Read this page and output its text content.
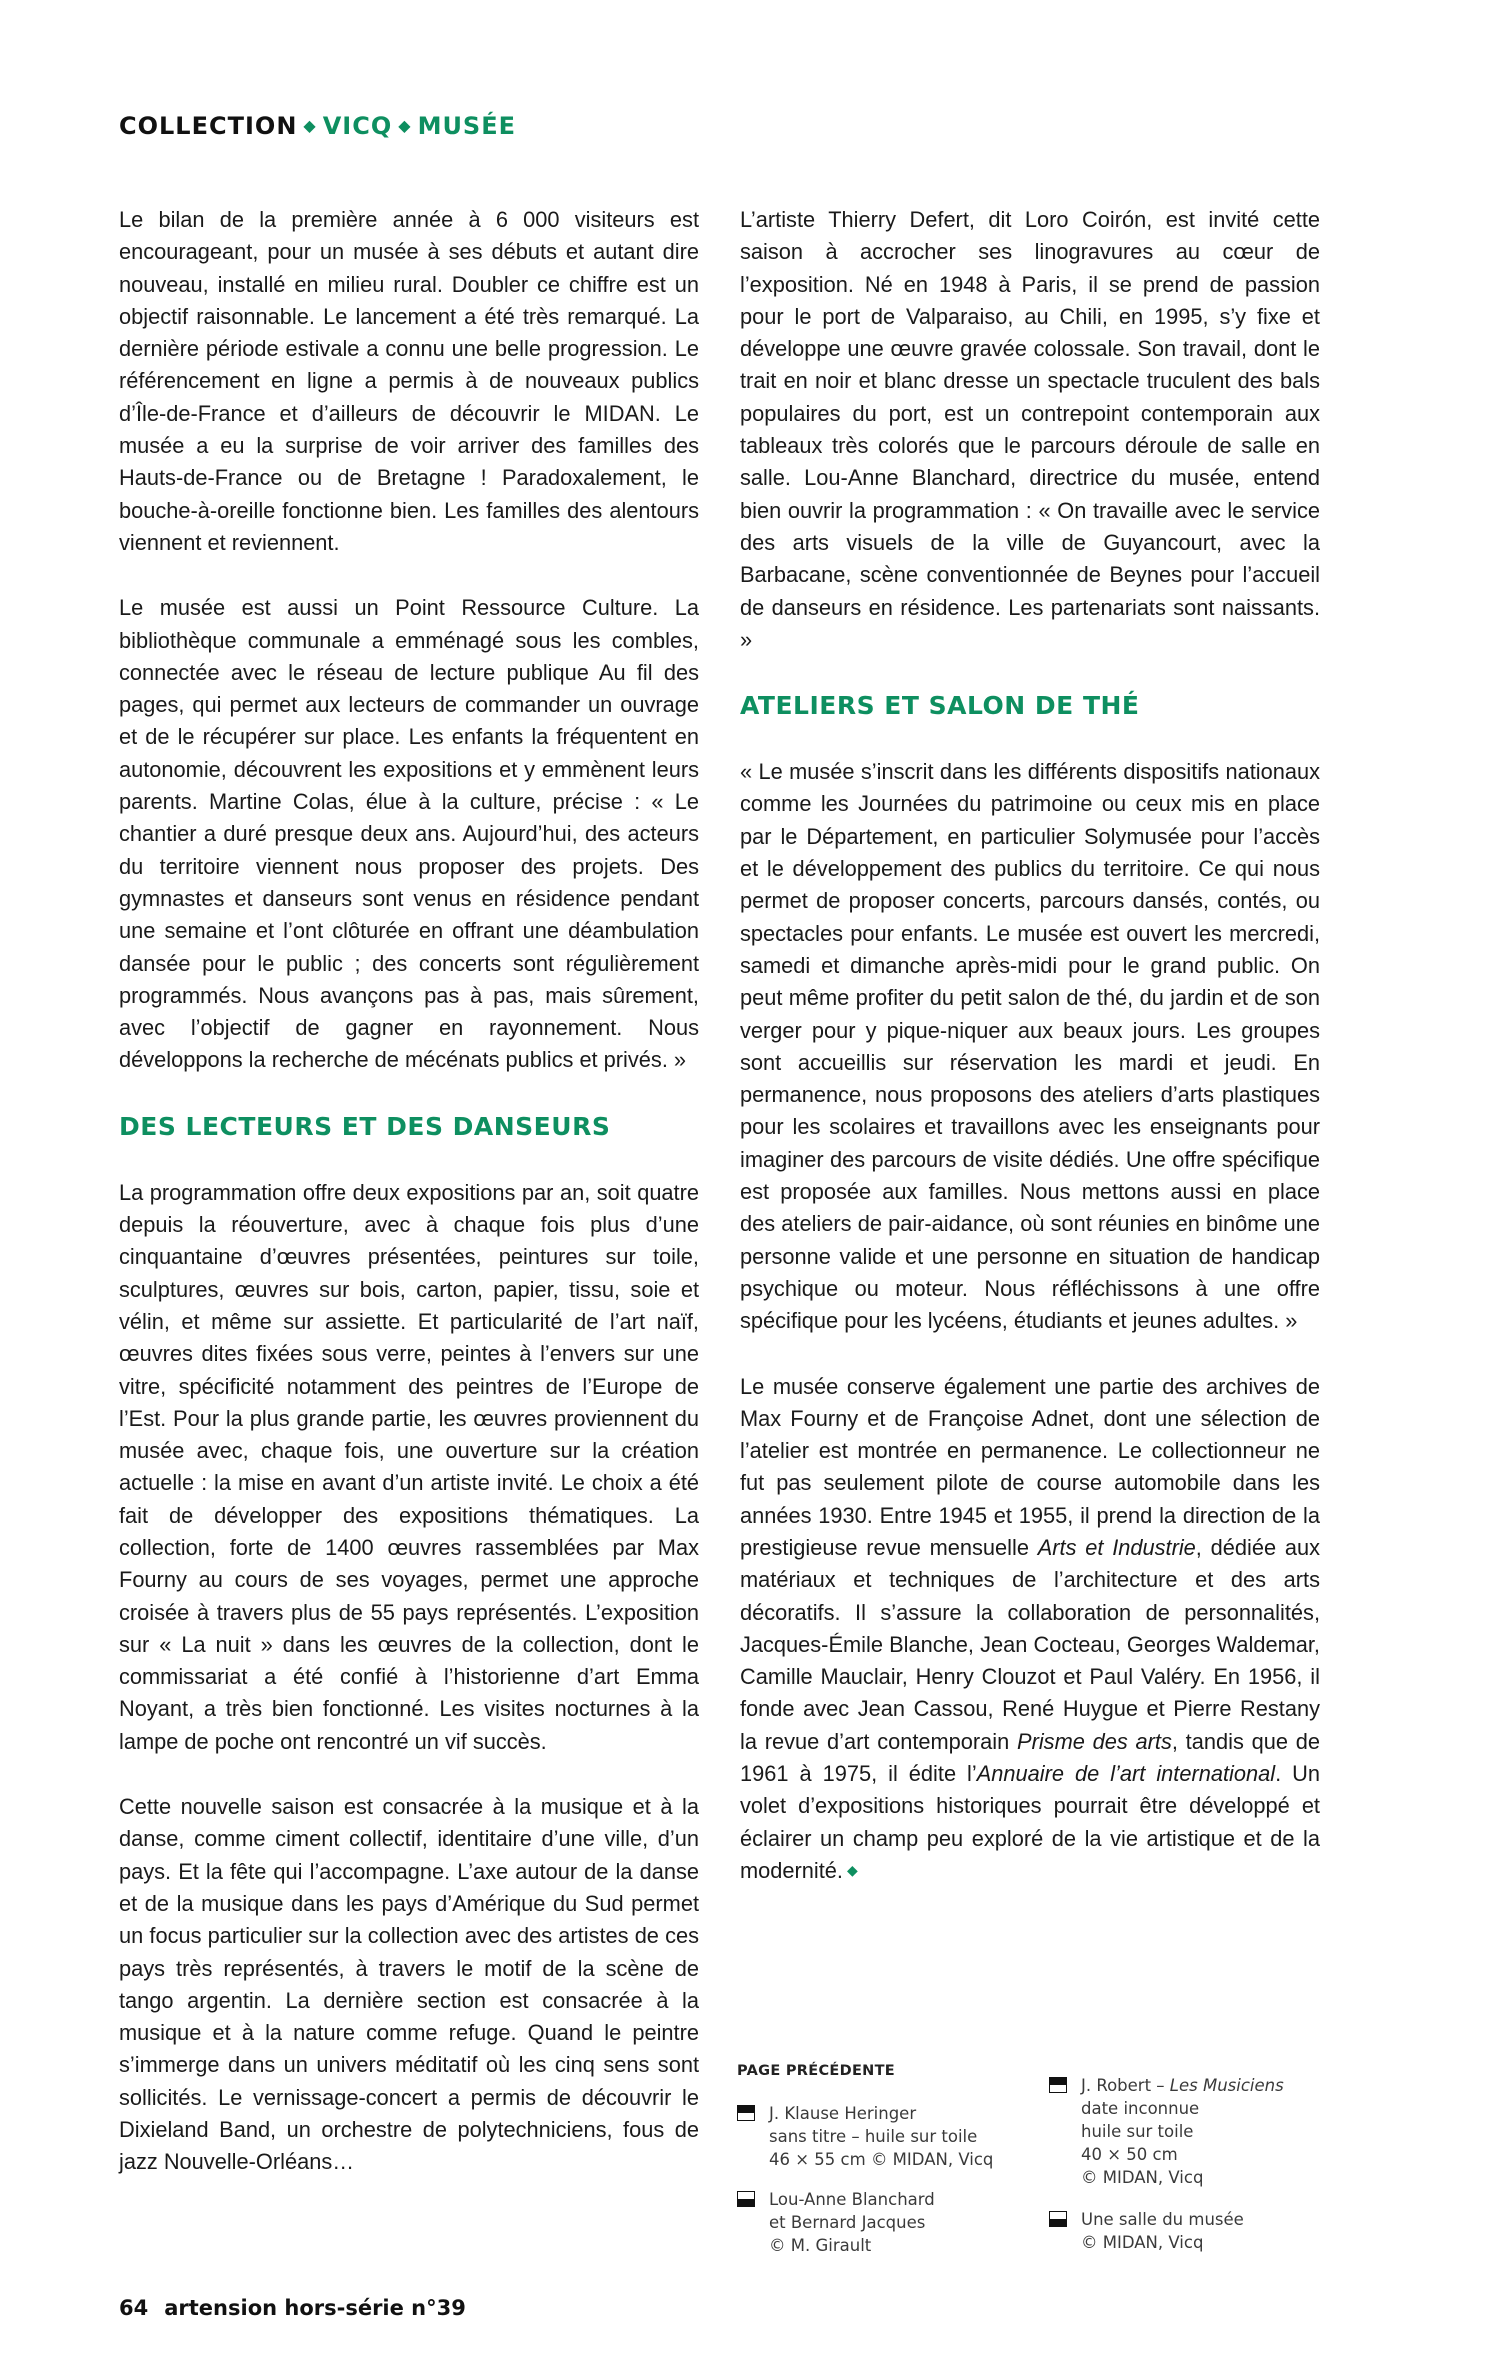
COLLECTION ◆ VICQ ◆ MUSÉE

Le bilan de la première année à 6 000 visiteurs est encourageant, pour un musée à ses débuts et autant dire nouveau, installé en milieu rural. Doubler ce chiffre est un objectif raisonnable. Le lancement a été très remarqué. La dernière période estivale a connu une belle progression. Le référencement en ligne a permis à de nouveaux publics d’Île-de-France et d’ailleurs de découvrir le MIDAN. Le musée a eu la surprise de voir arriver des familles des Hauts-de-France ou de Bretagne ! Paradoxalement, le bouche-à-oreille fonctionne bien. Les familles des alentours viennent et reviennent.

Le musée est aussi un Point Ressource Culture. La bibliothèque communale a emménagé sous les combles, connectée avec le réseau de lecture publique Au fil des pages, qui permet aux lecteurs de commander un ouvrage et de le récupérer sur place. Les enfants la fréquentent en autonomie, découvrent les expositions et y emmènent leurs parents. Martine Colas, élue à la culture, précise : « Le chantier a duré presque deux ans. Aujourd’hui, des acteurs du territoire viennent nous proposer des projets. Des gymnastes et danseurs sont venus en résidence pendant une semaine et l’ont clôturée en offrant une déambulation dansée pour le public ; des concerts sont régulièrement programmés. Nous avançons pas à pas, mais sûrement, avec l’objectif de gagner en rayonnement. Nous développons la recherche de mécénats publics et privés. »

DES LECTEURS ET DES DANSEURS

La programmation offre deux expositions par an, soit quatre depuis la réouverture, avec à chaque fois plus d’une cinquantaine d’œuvres présentées, peintures sur toile, sculptures, œuvres sur bois, carton, papier, tissu, soie et vélin, et même sur assiette. Et particularité de l’art naïf, œuvres dites fixées sous verre, peintes à l’envers sur une vitre, spécificité notamment des peintres de l’Europe de l’Est. Pour la plus grande partie, les œuvres proviennent du musée avec, chaque fois, une ouverture sur la création actuelle : la mise en avant d’un artiste invité. Le choix a été fait de développer des expositions thématiques. La collection, forte de 1400 œuvres rassemblées par Max Fourny au cours de ses voyages, permet une approche croisée à travers plus de 55 pays représentés. L’exposition sur « La nuit » dans les œuvres de la collection, dont le commissariat a été confié à l’historienne d’art Emma Noyant, a très bien fonctionné. Les visites nocturnes à la lampe de poche ont rencontré un vif succès.

Cette nouvelle saison est consacrée à la musique et à la danse, comme ciment collectif, identitaire d’une ville, d’un pays. Et la fête qui l’accompagne. L’axe autour de la danse et de la musique dans les pays d’Amérique du Sud permet un focus particulier sur la collection avec des artistes de ces pays très représentés, à travers le motif de la scène de tango argentin. La dernière section est consacrée à la musique et à la nature comme refuge. Quand le peintre s’immerge dans un univers méditatif où les cinq sens sont sollicités. Le vernissage-concert a permis de découvrir le Dixieland Band, un orchestre de polytechniciens, fous de jazz Nouvelle-Orléans…

L’artiste Thierry Defert, dit Loro Coirón, est invité cette saison à accrocher ses linogravures au cœur de l’exposition. Né en 1948 à Paris, il se prend de passion pour le port de Valparaiso, au Chili, en 1995, s’y fixe et développe une œuvre gravée colossale. Son travail, dont le trait en noir et blanc dresse un spectacle truculent des bals populaires du port, est un contrepoint contemporain aux tableaux très colorés que le parcours déroule de salle en salle. Lou-Anne Blanchard, directrice du musée, entend bien ouvrir la programmation : « On travaille avec le service des arts visuels de la ville de Guyancourt, avec la Barbacane, scène conventionnée de Beynes pour l’accueil de danseurs en résidence. Les partenariats sont naissants. »

ATELIERS ET SALON DE THÉ

« Le musée s’inscrit dans les différents dispositifs nationaux comme les Journées du patrimoine ou ceux mis en place par le Département, en particulier Solymusée pour l’accès et le développement des publics du territoire. Ce qui nous permet de proposer concerts, parcours dansés, contés, ou spectacles pour enfants. Le musée est ouvert les mercredi, samedi et dimanche après-midi pour le grand public. On peut même profiter du petit salon de thé, du jardin et de son verger pour y pique-niquer aux beaux jours. Les groupes sont accueillis sur réservation les mardi et jeudi. En permanence, nous proposons des ateliers d’arts plastiques pour les scolaires et travaillons avec les enseignants pour imaginer des parcours de visite dédiés. Une offre spécifique est proposée aux familles. Nous mettons aussi en place des ateliers de pair-aidance, où sont réunies en binôme une personne valide et une personne en situation de handicap psychique ou moteur. Nous réfléchissons à une offre spécifique pour les lycéens, étudiants et jeunes adultes. »

Le musée conserve également une partie des archives de Max Fourny et de Françoise Adnet, dont une sélection de l’atelier est montrée en permanence. Le collectionneur ne fut pas seulement pilote de course automobile dans les années 1930. Entre 1945 et 1955, il prend la direction de la prestigieuse revue mensuelle Arts et Industrie, dédiée aux matériaux et techniques de l’architecture et des arts décoratifs. Il s’assure la collaboration de personnalités, Jacques-Émile Blanche, Jean Cocteau, Georges Waldemar, Camille Mauclair, Henry Clouzot et Paul Valéry. En 1956, il fonde avec Jean Cassou, René Huygue et Pierre Restany la revue d’art contemporain Prisme des arts, tandis que de 1961 à 1975, il édite l’Annuaire de l’art international. Un volet d’expositions historiques pourrait être développé et éclairer un champ peu exploré de la vie artistique et de la modernité. ◆

PAGE PRÉCÉDENTE
J. Klause Heringer
sans titre – huile sur toile
46 × 55 cm © MIDAN, Vicq
Lou-Anne Blanchard
et Bernard Jacques
© M. Girault
J. Robert – Les Musiciens
date inconnue
huile sur toile
40 × 50 cm
© MIDAN, Vicq
Une salle du musée
© MIDAN, Vicq
64 artension hors-série n°39
